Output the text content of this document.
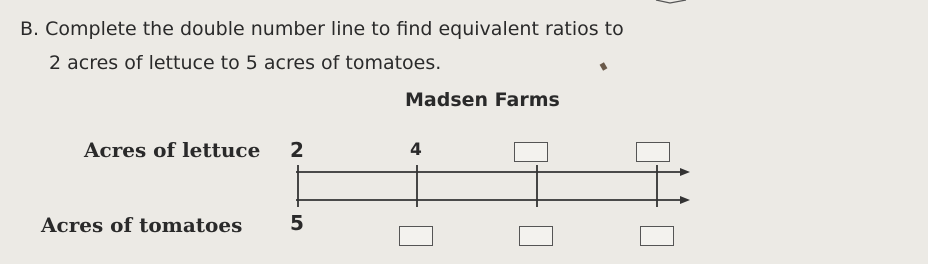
B. Complete the double number line to find equivalent ratios to
2 acres of lettuce to 5 acres of tomatoes.
Madsen Farms
Acres of lettuce
Acres of tomatoes
2	4
5
